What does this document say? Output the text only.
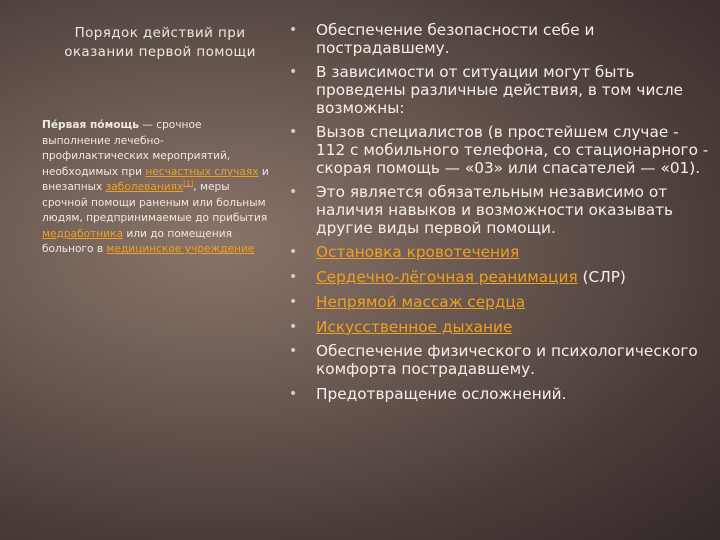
Порядок действий при оказании первой помощи
Пе́рвая по́мощь — срочное выполнение лечебно-профилактических мероприятий, необходимых при несчастных случаях и внезапных заболеваниях[1], меры срочной помощи раненым или больным людям, предпринимаемые до прибытия медработника или до помещения больного в медицинское учреждение
• Обеспечение безопасности себе и пострадавшему.
• В зависимости от ситуации могут быть проведены различные действия, в том числе возможны:
• Вызов специалистов (в простейшем случае - 112 с мобильного телефона, со стационарного - скорая помощь — «03» или спасателей — «01).
• Это является обязательным независимо от наличия навыков и возможности оказывать другие виды первой помощи.
• Остановка кровотечения
• Сердечно-лёгочная реанимация (СЛР)
• Непрямой массаж сердца
• Искусственное дыхание
• Обеспечение физического и психологического комфорта пострадавшему.
• Предотвращение осложнений.
